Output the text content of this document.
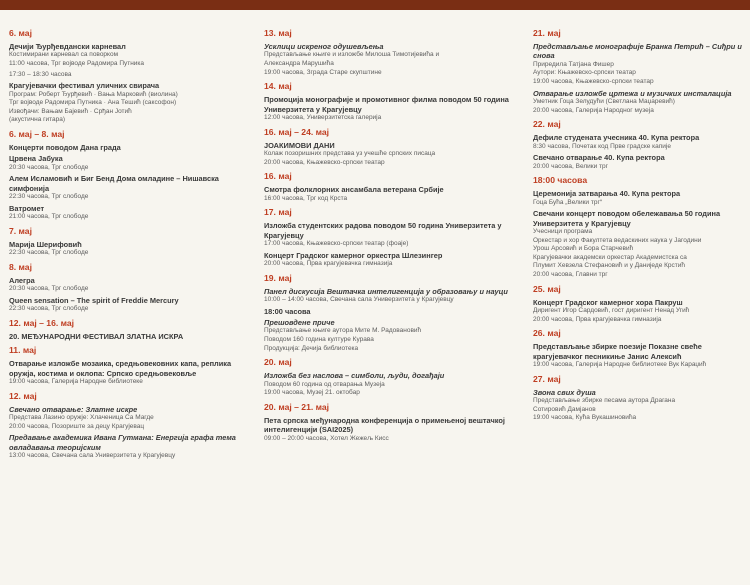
6. мај
Дечији Ђурђевдански карневал
Костимирани карневал са поворком
11:00 часова, Трг војводе Радомира Путника
17:30 – 18:30 часова
Крагујевачки фестивал уличних свирача
Програм: Роберт Ђурђевић · Вања Марковић (виолина)
Трг војводе Радомира Путника · Ана Тешић (саксофон)
Извођачи: Вањам Бајевић · Срђан Јотић
(акустична гитара)
6. мај – 8. мај
Концерти поводом Дана града
Црвена Јабука
20:30 часова, Трг слободе
Алем Исламовић и Биг Бенд Дома омладине – Нишавска симфонија
22:30 часова, Трг слободе
Ватромет
21:00 часова, Трг слободе
7. мај
Марија Шерифовић
22:30 часова, Трг слободе
8. мај
Алегра
20:30 часова, Трг слободе
Queen sensation – The spirit of Freddie Mercury
22:30 часова, Трг слободе
12. мај – 16. мај
20. МЕЂУНАРОДНИ ФЕСТИВАЛ ЗЛАТНА ИСКРА
11. мај
Отварање изложбе мозаика, средњовековних капа, реплика оружја, костима и оклопа: Српско средњовековље
19:00 часова, Галерија Народне библиотеке
12. мај
Свечано отварање: Златне искре
Представа Лазино оружје: Хлаченица Са Магде
20:00 часова, Позориште за децу Крагујевац
Предавање академика Ивана Гутмана: Енергија графа тема овладавања теоријским
13:00 часова, Свечана сала Универзитета у Крагујевцу
13. мај
Усклици искреног одушевљења
Представљање књиге и изложбе Милоша Тимотијевића и
Александра Марушића
19:00 часова, Зграда Старе скупштине
14. мај
Промоција монографије и промотивног филма поводом 50 година Универзитета у Крагујевцу
12:00 часова, Универзитетска галерија
16. мај – 24. мај
ЈОАКИМОВИ ДАНИ
Колаж позоришних представа уз учешће српских писаца
20:00 часова, Књажевско-српски театар
16. мај
Смотра фолклорних ансамбала ветерана Србије
16:00 часова, Трг код Крста
17. мај
Изложба студентских радова поводом 50 година Универзитета у Крагујевцу
17:00 часова, Књажевско-српски театар (фоаје)
Концерт Градског камерног оркестра Шлезингер
20:00 часова, Прва крагујевачка гимназија
19. мај
Панел дискусија Вештачка интелигенција у образовању и науци
10:00 – 14:00 часова, Свечана сала Универзитета у Крагујевцу
18:00 часова
Прешовдене приче
Представљање књиге аутора Мите М. Радовановић
Поводом 160 година културе Курава
Продукција: Дечија библиотека
20. мај
Изложба без наслова – симболи, људи, догађаји
Поводом 60 година од отварања Музеја
19:00 часова, Музеј 21. октобар
20. мај – 21. мај
Пета српска међународна конференција о примењеној вештачкој интелигенцији (SAI2025)
09:00 – 20:00 часова, Хотел Жежељ Кисс
21. мај
Представљање монографије Бранка Петрић – Сиђри и снова
Приредила Татјана Фишер
Аутори: Књажевско-српски театар
19:00 часова, Књажевско-српски театар
Отварање изложбе цртежа и музичких инсталација
Уметник Гоца Зелудући (Светлана Маџаревић)
20:00 часова, Галерија Народног музеја
22. мај
Дефиле студената учесника 40. Купа ректора
8:30 часова, Почетак код Прве градске капије
Свечано отварање 40. Купа ректора
20:00 часова, Велики трг
18:00 часова
Церемонија затварања 40. Купа ректора
Гоца Бућа „Велики трг“
Свечани концерт поводом обележавања 50 година Универзитета у Крагујевцу
Учесници програма
Оркестар и хор Факултета ведаскиних наука у Јагодини
Урош Арсовић и Бора Старчевић
Крагујевачки академски оркестар Академистска са
Плумит Хевзела Стефановић и у Даниједе Крстић
20:00 часова, Главни трг
25. мај
Концерт Градског камерног хора Пакруш
Диригент Игор Сардовић, гост диригент Ненад Угић
20:00 часова, Прва крагујевачка гимназија
26. мај
Представљање збирке поезије Показне свеће крагујевачког песникиње Јанис Алексић
19:00 часова, Галерија Народне библиотеке Вук Караџић
27. мај
Звона свих душа
Представљање збирке песама аутора Драгана
Сотировић Дамјанов
19:00 часова, Кућа Вукашиновића
